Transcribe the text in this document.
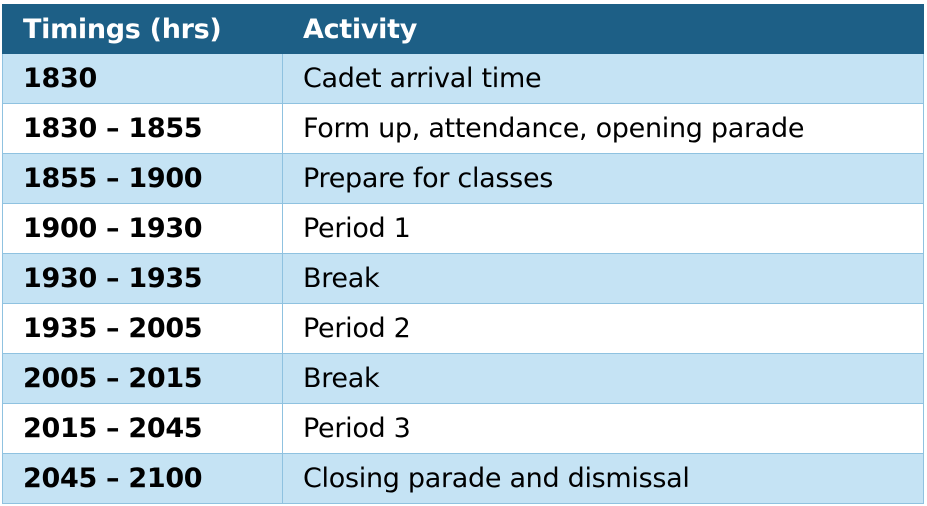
Timings (hrs)	Activity
1830	Cadet arrival time
1830 – 1855	Form up, attendance, opening parade
1855 – 1900	Prepare for classes
1900 – 1930	Period 1
1930 – 1935	Break
1935 – 2005	Period 2
2005 – 2015	Break
2015 – 2045	Period 3
2045 – 2100	Closing parade and dismissal
